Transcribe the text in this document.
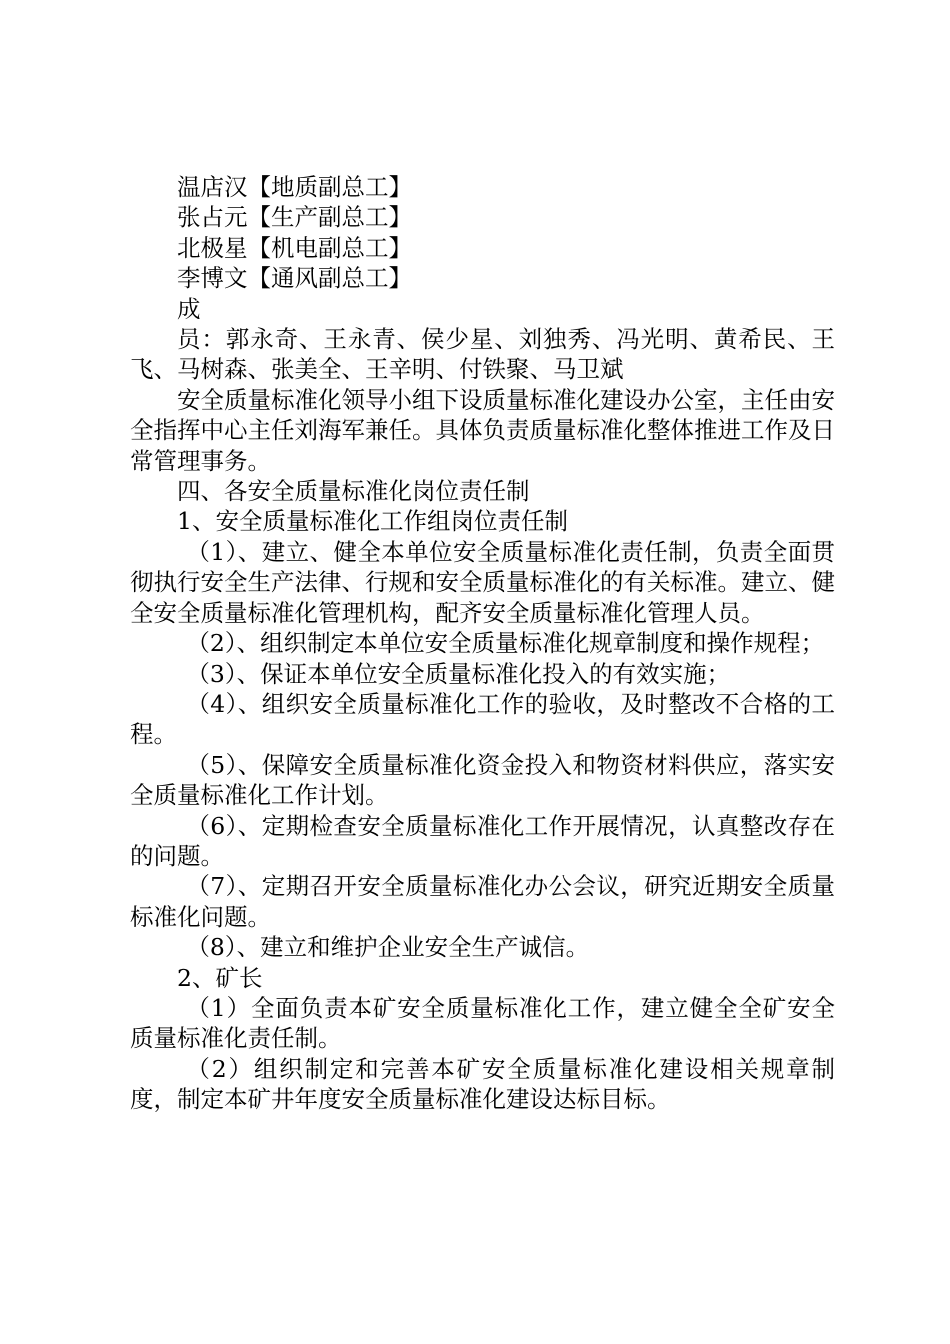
温店汉【地质副总工】

张占元【生产副总工】

北极星【机电副总工】

李博文【通风副总工】

成

员：郭永奇、王永青、侯少星、刘独秀、冯光明、黄希民、王飞、马树森、张美全、王辛明、付铁聚、马卫斌

安全质量标准化领导小组下设质量标准化建设办公室，主任由安全指挥中心主任刘海军兼任。具体负责质量标准化整体推进工作及日常管理事务。

四、各安全质量标准化岗位责任制

1、安全质量标准化工作组岗位责任制

（1）、建立、健全本单位安全质量标准化责任制，负责全面贯彻执行安全生产法律、行规和安全质量标准化的有关标准。建立、健全安全质量标准化管理机构，配齐安全质量标准化管理人员。

（2）、组织制定本单位安全质量标准化规章制度和操作规程；

（3）、保证本单位安全质量标准化投入的有效实施；

（4）、组织安全质量标准化工作的验收，及时整改不合格的工程。

（5）、保障安全质量标准化资金投入和物资材料供应，落实安全质量标准化工作计划。

（6）、定期检查安全质量标准化工作开展情况，认真整改存在的问题。

（7）、定期召开安全质量标准化办公会议，研究近期安全质量标准化问题。

（8）、建立和维护企业安全生产诚信。

2、矿长

（1）全面负责本矿安全质量标准化工作，建立健全全矿安全质量标准化责任制。

（2）组织制定和完善本矿安全质量标准化建设相关规章制度，制定本矿井年度安全质量标准化建设达标目标。
